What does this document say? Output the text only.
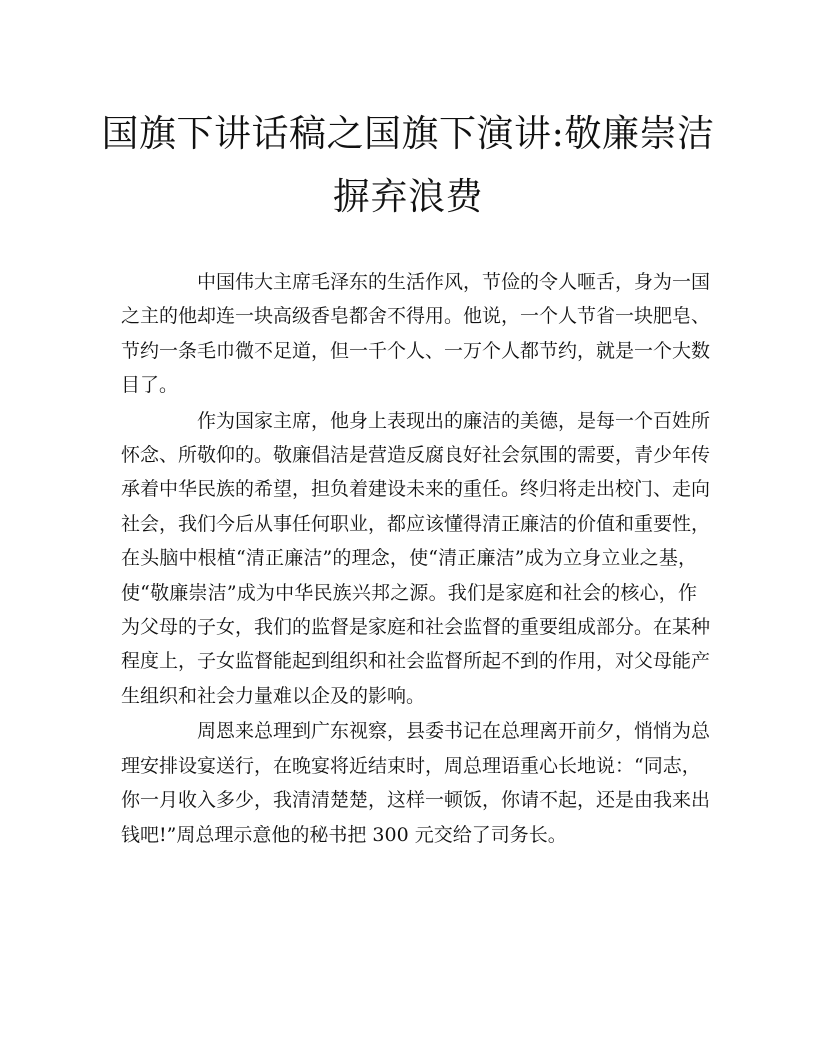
国旗下讲话稿之国旗下演讲:敬廉崇洁
摒弃浪费

中国伟大主席毛泽东的生活作风，节俭的令人咂舌，身为一国
之主的他却连一块高级香皂都舍不得用。他说，一个人节省一块肥皂、
节约一条毛巾微不足道，但一千个人、一万个人都节约，就是一个大数
目了。

作为国家主席，他身上表现出的廉洁的美德，是每一个百姓所
怀念、所敬仰的。敬廉倡洁是营造反腐良好社会氛围的需要，青少年传
承着中华民族的希望，担负着建设未来的重任。终归将走出校门、走向
社会，我们今后从事任何职业，都应该懂得清正廉洁的价值和重要性，
在头脑中根植“清正廉洁”的理念，使“清正廉洁”成为立身立业之基，
使“敬廉崇洁”成为中华民族兴邦之源。我们是家庭和社会的核心，作
为父母的子女，我们的监督是家庭和社会监督的重要组成部分。在某种
程度上，子女监督能起到组织和社会监督所起不到的作用，对父母能产
生组织和社会力量难以企及的影响。

周恩来总理到广东视察，县委书记在总理离开前夕，悄悄为总
理安排设宴送行，在晚宴将近结束时，周总理语重心长地说：“同志，
你一月收入多少，我清清楚楚，这样一顿饭，你请不起，还是由我来出
钱吧!”周总理示意他的秘书把 300 元交给了司务长。
